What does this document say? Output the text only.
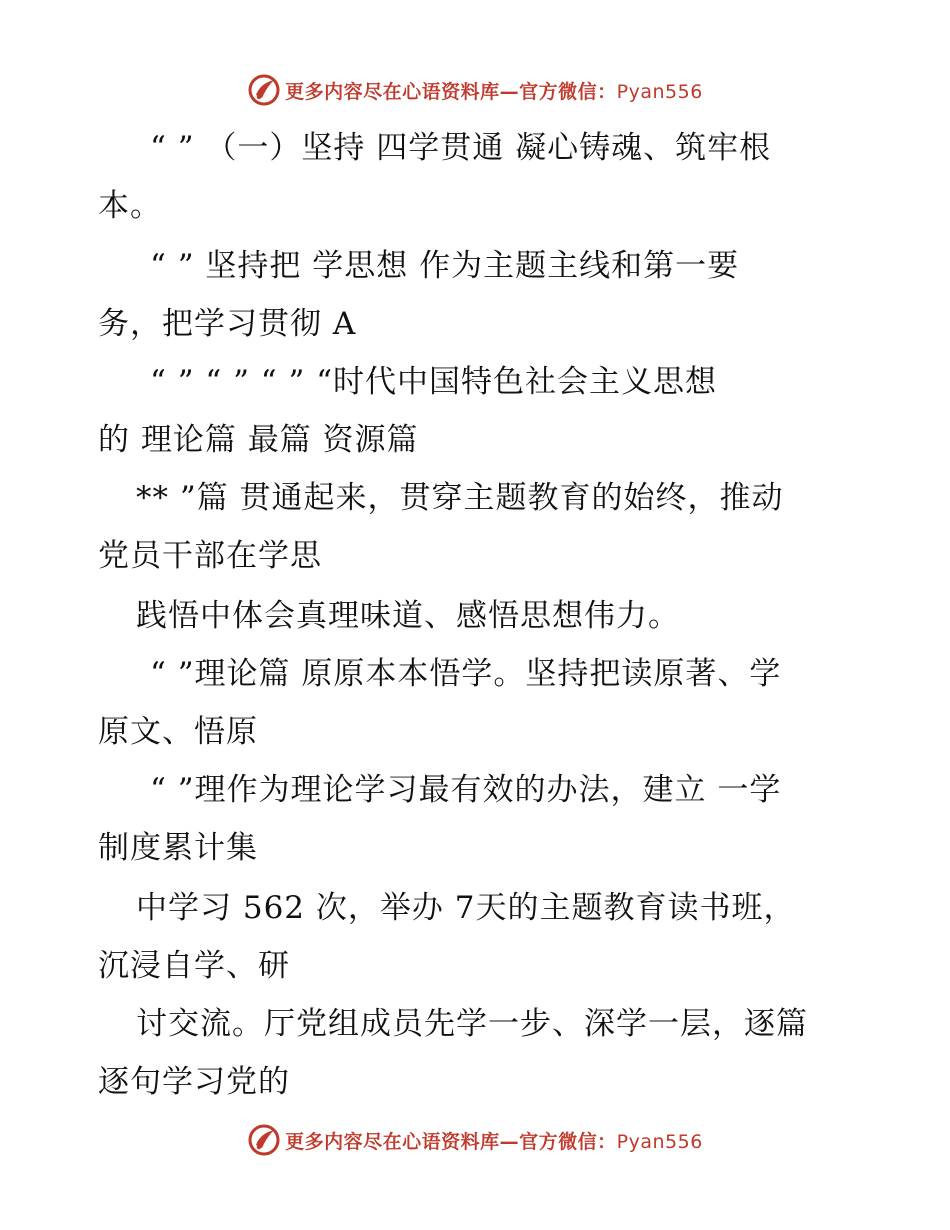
更多内容尽在心语资料库—官方微信：Pyan556
“ ” （一）坚持 四学贯通 凝心铸魂、筑牢根
本。
“ ” 坚持把 学思想 作为主题主线和第一要
务，把学习贯彻 A
“ ” “ ” “ ” “时代中国特色社会主义思想
的 理论篇 最篇 资源篇
** ”篇 贯通起来，贯穿主题教育的始终，推动
党员干部在学思
践悟中体会真理味道、感悟思想伟力。
“ ”理论篇 原原本本悟学。坚持把读原著、学
原文、悟原
“ ”理作为理论学习最有效的办法，建立 一学
制度累计集
中学习 562 次，举办 7天的主题教育读书班，
沉浸自学、研
讨交流。厅党组成员先学一步、深学一层，逐篇
逐句学习党的
更多内容尽在心语资料库—官方微信：Pyan556
